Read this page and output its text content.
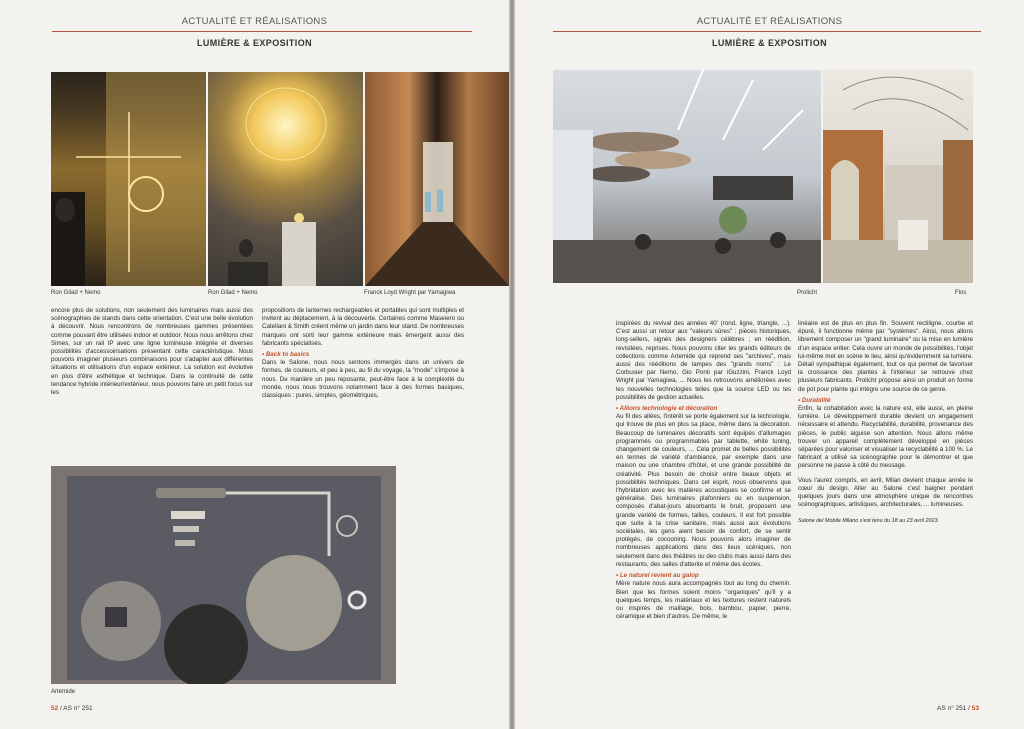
ACTUALITÉ ET RÉALISATIONS
LUMIÈRE & EXPOSITION
Ron Gilad + Nemo	Ron Gilad + Nemo	Franck Loyd Wright par Yamagiwa

encore plus de solutions, non seulement des luminaires mais aussi des scénographies de stands dans cette orientation. C'est une belle évolution à découvrir. Nous rencontrons de nombreuses gammes présentées comme pouvant être utilisées indoor et outdoor. Nous nous arrêtons chez Simes, sur un rail IP avec une ligne lumineuse intégrée et diverses possibilités d'accessoirisations présentant cette caractéristique. Nous pouvons imaginer plusieurs combinaisons pour s'adapter aux différentes situations et utilisations d'un espace extérieur. La solution est évolutive en plus d'être esthétique et technique. Dans la continuité de cette tendance hybride intérieur/extérieur, nous pouvons faire un petit focus sur les

propositions de lanternes rechargeables et portables qui sont multiples et invitent au déplacement, à la découverte. Certaines comme Maseiero ou Catellani & Smith créent même un jardin dans leur stand. De nombreuses marques ont sorti leur gamme extérieure mais émergent aussi des fabricants spécialisés.

• Back to basics

Dans le Salone, nous nous sentons immergés dans un univers de formes, de couleurs, et peu à peu, au fil du voyage, la "mode" s'impose à nous. De manière un peu reposante, peut-être face à la complexité du monde, nous nous trouvons notamment face à des formes basiques, classiques : pures, simples, géométriques,

Artemide
52 / AS n° 251
ACTUALITÉ ET RÉALISATIONS
LUMIÈRE & EXPOSITION
Prolicht	Flos

inspirées du revival des années 40' (rond, ligne, triangle, ...). C'est aussi un retour aux "valeurs sûres" : pièces historiques, long-sellers, signés des designers célèbres ; en réédition, revisitées, reprises. Nous pouvons citer les grands éditeurs de collections comme Artemide qui reprend ses "archives", mais aussi des rééditions de lampes des "grands noms" : Le Corbusier par Nemo, Gio Ponti par iGuzzini, Franck Loyd Wright par Yamagiwa, ... Nous les retrouvons améliorées avec les nouvelles technologies telles que la source LED ou les possibilités de gestion actuelles.

• Allions technologie et décoration

Au fil des allées, l'intérêt se porte également sur la technologie, qui trouve de plus en plus sa place, même dans la décoration. Beaucoup de luminaires décoratifs sont équipés d'allumages programmés ou programmables par tablette, white tuning, changement de couleurs, ... Cela promet de belles possibilités en termes de variété d'ambiance, par exemple dans une maison ou une chambre d'hôtel, et une grande possibilité de créativité. Plus besoin de choisir entre beaux objets et possibilités techniques. Dans cet esprit, nous observons que l'hybridation avec les matières acoustiques se confirme et se généralise. Des luminaires plafonniers ou en suspension, composés d'abat-jours absorbants le bruit, proposent une grande variété de formes, tailles, couleurs. Il est fort possible que suite à la crise sanitaire, mais aussi aux évolutions sociétales, les gens aient besoin de confort, de se sentir protégés, de cocooning. Nous pouvons alors imaginer de nombreuses applications dans des lieux scéniques, non seulement dans des théâtres ou des clubs mais aussi dans des restaurants, des salles d'attente et même des écoles.

• Le naturel revient au galop

Mère nature nous aura accompagnés tout au long du chemin. Bien que les formes soient moins "organiques" qu'il y a quelques temps, les matériaux et les textures restent naturels ou inspirés de maillage, bois, bambou, papier, pierre, céramique et bien d'autres. De même, le

linéaire est de plus en plus fin. Souvent rectiligne, courbe et épuré, il fonctionne même par "systèmes". Ainsi, nous allons librement composer un "grand luminaire" ou la mise en lumière d'un espace entier. Cela ouvre un monde de possibilités, l'objet lui-même met en scène le lieu, ainsi qu'évidemment sa lumière. Détail sympathique également, tout ce qui permet de favoriser la croissance des plantes à l'intérieur se retrouve chez plusieurs fabricants. Prolicht propose ainsi un produit en forme de pot pour plante qui intègre une source de ce genre.

• Durabilité

Enfin, la cohabitation avec la nature est, elle aussi, en pleine lumière. Le développement durable devient un engagement nécessaire et attendu. Recyclabilité, durabilité, provenance des pièces, le public aiguise son attention. Nous allons même trouver un appareil complètement développé en pièces séparées pour valoriser et visualiser la recyclabilité à 100 %. Le fabricant a utilisé sa scénographie pour le démontrer et que personne ne passe à côté du message.

Vous l'aurez compris, en avril, Milan devient chaque année le cœur du design. Aller au Salone c'est baigner pendant quelques jours dans une atmosphère unique de rencontres scénographiques, artistiques, architecturales, ... lumineuses.

Salone del Mobile Milano s'est tenu du 18 au 23 avril 2023.

AS n° 251 / 53
